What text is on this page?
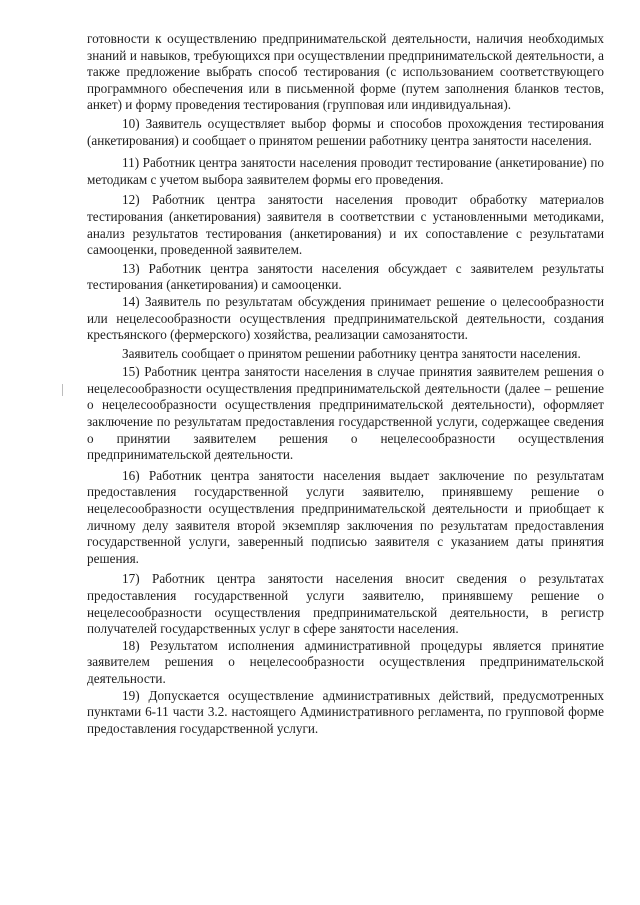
готовности к осуществлению предпринимательской деятельности, наличия необходимых знаний и навыков, требующихся при осуществлении предпринимательской деятельности, а также предложение выбрать способ тестирования (с использованием соответствующего программного обеспечения или в письменной форме (путем заполнения бланков тестов, анкет) и форму проведения тестирования (групповая или индивидуальная).

10) Заявитель осуществляет выбор формы и способов прохождения тестирования (анкетирования) и сообщает о принятом решении работнику центра занятости населения.

11) Работник центра занятости населения проводит тестирование (анкетирование) по методикам с учетом выбора заявителем формы его проведения.

12) Работник центра занятости населения проводит обработку материалов тестирования (анкетирования) заявителя в соответствии с установленными методиками, анализ результатов тестирования (анкетирования) и их сопоставление с результатами самооценки, проведенной заявителем.

13) Работник центра занятости населения обсуждает с заявителем результаты тестирования (анкетирования) и самооценки.

14) Заявитель по результатам обсуждения принимает решение о целесообразности или нецелесообразности осуществления предпринимательской деятельности, создания крестьянского (фермерского) хозяйства, реализации самозанятости.

Заявитель сообщает о принятом решении работнику центра занятости населения.

15) Работник центра занятости населения в случае принятия заявителем решения о нецелесообразности осуществления предпринимательской деятельности (далее – решение о нецелесообразности осуществления предпринимательской деятельности), оформляет заключение по результатам предоставления государственной услуги, содержащее сведения о принятии заявителем решения о нецелесообразности осуществления предпринимательской деятельности.

16) Работник центра занятости населения выдает заключение по результатам предоставления государственной услуги заявителю, принявшему решение о нецелесообразности осуществления предпринимательской деятельности и приобщает к личному делу заявителя второй экземпляр заключения по результатам предоставления государственной услуги, заверенный подписью заявителя с указанием даты принятия решения.

17) Работник центра занятости населения вносит сведения о результатах предоставления государственной услуги заявителю, принявшему решение о нецелесообразности осуществления предпринимательской деятельности, в регистр получателей государственных услуг в сфере занятости населения.

18) Результатом исполнения административной процедуры является принятие заявителем решения о нецелесообразности осуществления предпринимательской деятельности.

19) Допускается осуществление административных действий, предусмотренных пунктами 6-11 части 3.2. настоящего Административного регламента, по групповой форме предоставления государственной услуги.
